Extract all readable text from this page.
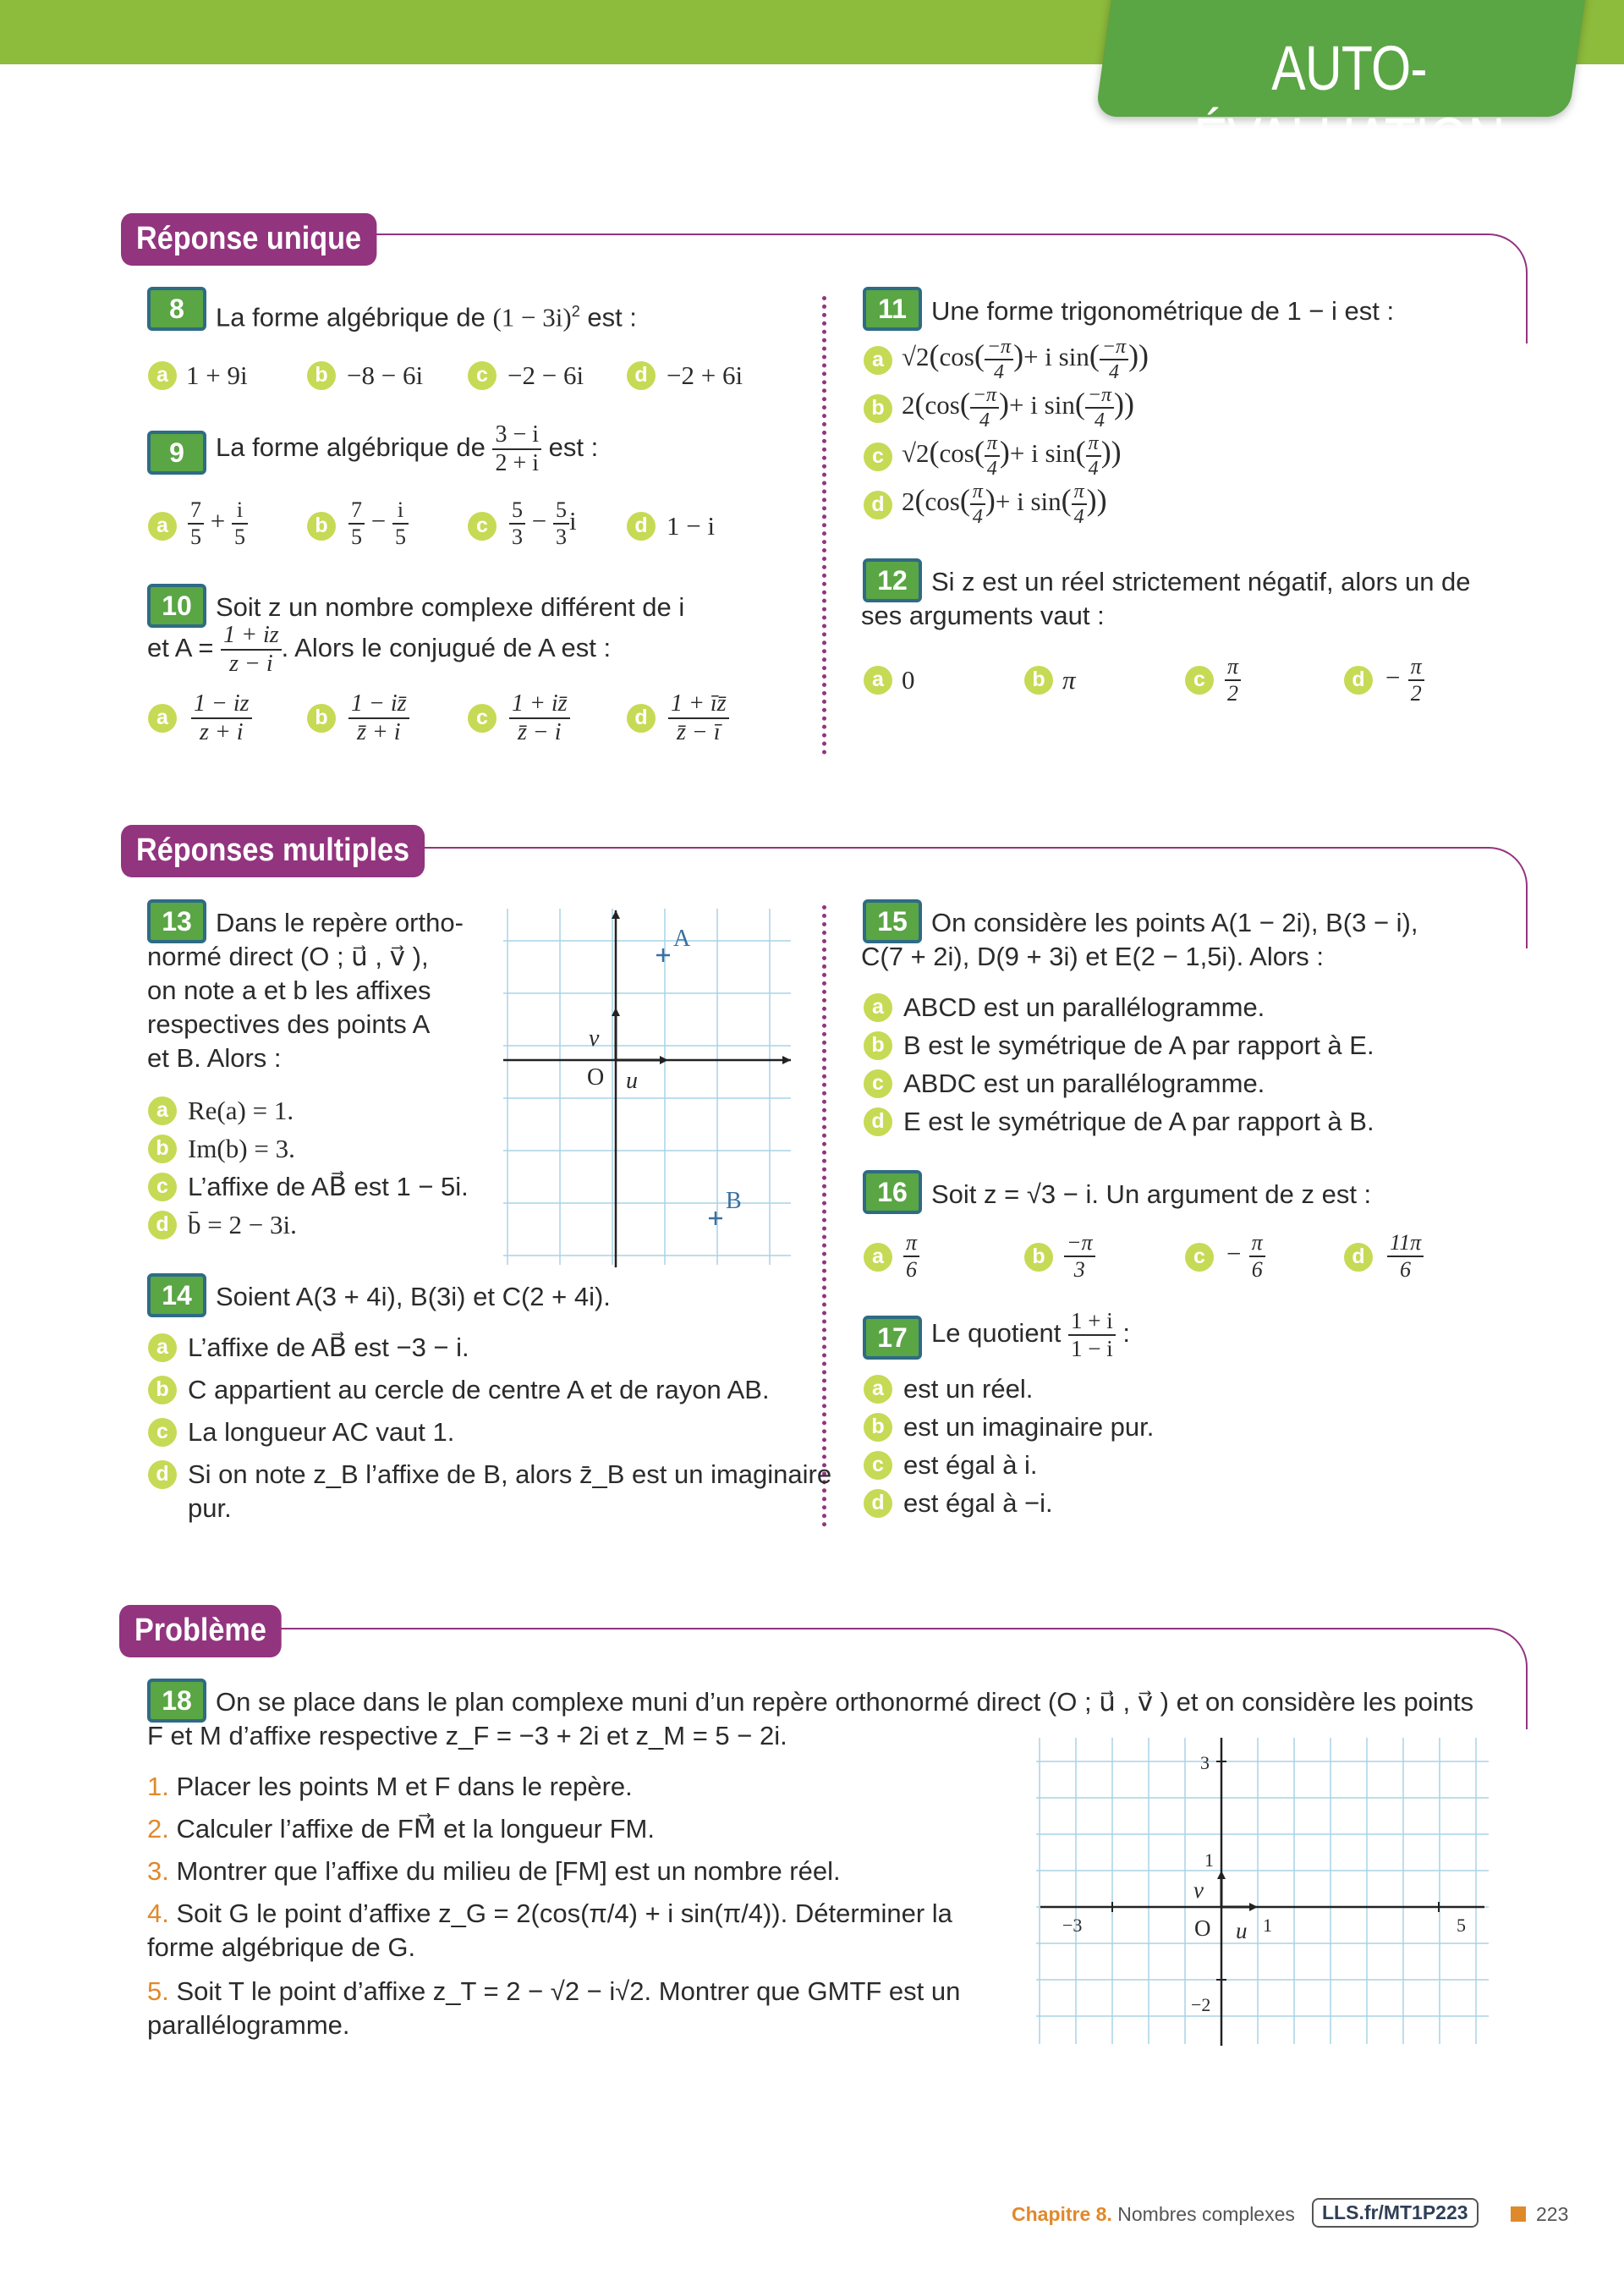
AUTO-ÉVALUATION
Réponse unique
8	La forme algébrique de $(1 - 3i)^2$ est :
a 1 + 9i	b −8 − 6i	c −2 − 6i	d −2 + 6i
9	La forme algébrique de $\frac{3 - i}{2 + i}$ est :
a $\frac{7}{5} + \frac{i}{5}$	b $\frac{7}{5} - \frac{i}{5}$	c $\frac{5}{3} - \frac{5}{3}$ i	d 1 − i
10 Soit z un nombre complexe différent de i
et $A = \frac{1 + iz}{z - i}$ . Alors le conjugué de A est :
a $\frac{1 - iz}{z + i}$	b $\frac{1 - iz̄}{z̄ + i}$	c $\frac{1 + iz̄}{z̄ - i}$	d $\frac{1 + īz̄}{z̄ - ī}$
11 Une forme trigonométrique de 1 − i est :
a $√2(\cos( \frac{-\pi}{4}$ )+ i $\sin( \frac{-\pi}{4}$ ))
b $2(\cos( \frac{-\pi}{4}$ )+ i $\sin( \frac{-\pi}{4}$ ))
c $√2(\cos( \frac{\pi}{4}$ )+ i $\sin( \frac{\pi}{4}$ ))
d $2(\cos( \frac{\pi}{4}$ )+ i $\sin( \frac{\pi}{4}$ ))
12 Si z est un réel strictement négatif, alors un de
ses arguments vaut :
a 0	b π	c $\frac{\pi}{2}$	$d - \frac{\pi}{2}$
Réponses multiples
13 Dans le repère ortho-
normé direct (O ; u⃗ , v⃗ ),
on note a et b les affixes
respectives des points A
et B. Alors :
A
B
O u⃗
v⃗
a Re(a) = 1.
b Im(b) = 3.
c L’affixe de AB⃗ est 1 − 5i.
d b̄ = 2 − 3i.
14 Soient A(3 + 4i), B(3i) et C(2 + 4i).
a L’affixe de AB⃗ est −3 − i.
b C appartient au cercle de centre A et de rayon AB.
c La longueur AC vaut 1.
d Si on note z_B l’affixe de B, alors z̄_B est un imaginaire
pur.
15 On considère les points A(1 − 2i), B(3 − i),
C(7 + 2i), D(9 + 3i) et E(2 − 1,5i). Alors :
a ABCD est un parallélogramme.
b B est le symétrique de A par rapport à E.
c ABDC est un parallélogramme.
d E est le symétrique de A par rapport à B.
16 Soit z = √3 − i. Un argument de z est :
a $\frac{\pi}{6}$	b $\frac{-\pi}{3}$	$c - \frac{\pi}{6}$	d	$\frac{11\pi}{6}$
17 Le quotient $\frac{1 + i}{1 - i}$ :
a est un réel.
b est un imaginaire pur.
c est égal à i.
d est égal à −i.
Problème
18 On se place dans le plan complexe muni d’un repère orthonormé direct (O ; u⃗ , v⃗ ) et on considère les points
F et M d’affixe respective z_F = −3 + 2i et z_M = 5 − 2i.
1. Placer les points M et F dans le repère.
2. Calculer l’affixe de FM⃗ et la longueur FM.
3. Montrer que l’affixe du milieu de [FM] est un nombre réel.
4. Soit G le point d’affixe z_G = 2(cos(π/4) + i sin(π/4)). Déterminer la
forme algébrique de G.
5. Soit T le point d’affixe z_T = 2 − √2 − i√2. Montrer que GMTF est un
parallélogramme.
3
1
−2
−3	1	5
O u⃗
v⃗
Chapitre 8. Nombres complexes	LLS.fr/MT1P223	223
